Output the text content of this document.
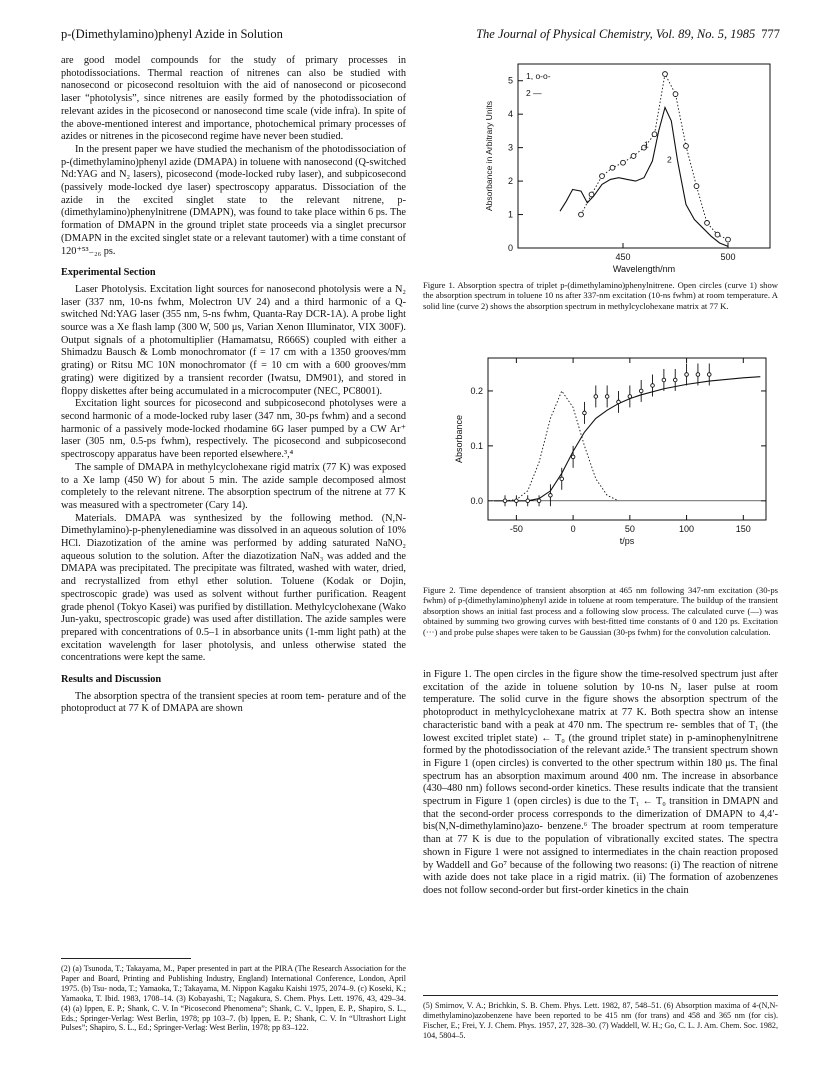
p-(Dimethylamino)phenyl Azide in Solution	The Journal of Physical Chemistry, Vol. 89, No. 5, 1985 777

are good model compounds for the study of primary processes in photodissociations. Thermal reaction of nitrenes can also be studied with nanosecond or picosecond resoltuion with the aid of nanosecond or picosecond laser “photolysis”, since nitrenes are easily formed by the photodissociation of relevant azides in the picosecond or nanosecond time scale (vide infra). In spite of the above-mentioned interest and importance, photochemical primary processes of azides or nitrenes in the picosecond regime have never been studied.

In the present paper we have studied the mechanism of the photodissociation of p-(dimethylamino)phenyl azide (DMAPA) in toluene with nanosecond (Q-switched Nd:YAG and N₂ lasers), picosecond (mode-locked ruby laser), and subpicosecond (passively mode-locked dye laser) spectroscopy apparatus. Dissociation of the azide in the excited singlet state to the relevant nitrene, p- (dimethylamino)phenylnitrene (DMAPN), was found to take place within 6 ps. The formation of DMAPN in the ground triplet state proceeds via a singlet precursor (DMAPN in the excited singlet state or a relevant tautomer) with a time constant of 120⁺⁵³₋₂₆ ps.

Experimental Section

Laser Photolysis. Excitation light sources for nanosecond photolysis were a N₂ laser (337 nm, 10-ns fwhm, Molectron UV 24) and a third harmonic of a Q-switched Nd:YAG laser (355 nm, 5-ns fwhm, Quanta-Ray DCR-1A). A probe light source was a Xe flash lamp (300 W, 500 μs, Varian Xenon Illuminator, VIX 300F). Output signals of a photomultiplier (Hamamatsu, R666S) coupled with either a Shimadzu Bausch & Lomb monochromator (f = 17 cm with a 1350 grooves/mm grating) or Ritsu MC 10N monochromator (f = 10 cm with a 600 grooves/mm grating) were digitized by a transient recorder (Iwatsu, DM901), and stored in floppy diskettes after being accumulated in a microcomputer (NEC, PC8001).

Excitation light sources for picosecond and subpicosecond photolyses were a second harmonic of a mode-locked ruby laser (347 nm, 30-ps fwhm) and a second harmonic of a passively mode-locked rhodamine 6G laser pumped by a CW Ar⁺ laser (305 nm, 0.5-ps fwhm), respectively. The picosecond and subpicosecond spectroscopy apparatus have been reported elsewhere.³,⁴

The sample of DMAPA in methylcyclohexane rigid matrix (77 K) was exposed to a Xe lamp (450 W) for about 5 min. The azide sample decomposed almost completely to the relevant nitrene. The absorption spectrum of the nitrene at 77 K was measured with a spectrometer (Cary 14).

Materials. DMAPA was synthesized by the following method. (N,N-Dimethylamino)-p-phenylenediamine was dissolved in an aqueous solution of 10% HCl. Diazotization of the amine was performed by adding saturated NaNO₂ aqueous solution to the solution. After the diazotization NaN₃ was added and the DMAPA was precipitated. The precipitate was filtrated, washed with water, dried, and recrystallized from ethyl ether solution. Toluene (Kodak or Dojin, spectroscopic grade) was used as solvent without further purification. Reagent grade phenol (Tokyo Kasei) was purified by distillation. Methylcyclohexane (Wako Jun-yaku, spectroscopic grade) was used after distillation. The azide samples were prepared with concentrations of 0.5–1 in absorbance units (1-mm light path) at the excitation wavelength for laser photolysis, and unless otherwise stated the concentrations were kept the same.

Results and Discussion

The absorption spectra of the transient species at room tem- perature and of the photoproduct at 77 K of DMAPA are shown

(2) (a) Tsunoda, T.; Takayama, M., Paper presented in part at the PIRA (The Research Association for the Paper and Board, Printing and Publishing Industry, England) International Conference, London, April 1975. (b) Tsu- noda, T.; Yamaoka, T.; Takayama, M. Nippon Kagaku Kaishi 1975, 2074–9. (c) Koseki, K.; Yamaoka, T. Ibid. 1983, 1708–14. (3) Kobayashi, T.; Nagakura, S. Chem. Phys. Lett. 1976, 43, 429–34. (4) (a) Ippen, E. P.; Shank, C. V. In “Picosecond Phenomena”; Shank, C. V., Ippen, E. P., Shapiro, S. L., Eds.; Springer-Verlag: West Berlin, 1978; pp 103–7. (b) Ippen, E. P.; Shank, C. V. In “Ultrashort Light Pulses”; Shapiro, S. L., Ed.; Springer-Verlag: West Berlin, 1978; pp 83–122.

0
1
2
3
4
5
450	500
Wavelength/nm
Absorbance in Arbitrary Units
1, o-o-
2 —
1
2

Figure 1. Absorption spectra of triplet p-(dimethylamino)phenylnitrene. Open circles (curve 1) show the absorption spectrum in toluene 10 ns after 337-nm excitation (10-ns fwhm) at room temperature. A solid line (curve 2) shows the absorption spectrum in methylcyclohexane matrix at 77 K.

0.0
0.1
0.2
-50	0	50	100	150
t/ps
Absorbance

Figure 2. Time dependence of transient absorption at 465 nm following 347-nm excitation (30-ps fwhm) of p-(dimethylamino)phenyl azide in toluene at room temperature. The buildup of the transient absorption shows an initial fast process and a following slow process. The calculated curve (—) was obtained by summing two growing curves with best-fitted time constants of 0 and 120 ps. Excitation (···) and probe pulse shapes were taken to be Gaussian (30-ps fwhm) for the convolution calculation.

in Figure 1. The open circles in the figure show the time-resolved spectrum just after excitation of the azide in toluene solution by 10-ns N₂ laser pulse at room temperature. The solid curve in the figure shows the absorption spectrum of the photoproduct in methylcyclohexane matrix at 77 K. Both spectra show an intense characteristic band with a peak at 470 nm. The spectrum re- sembles that of T₁ (the lowest excited triplet state) ← T₀ (the ground triplet state) in p-aminophenylnitrene formed by the photodissociation of the relevant azide.⁵ The transient spectrum shown in Figure 1 (open circles) is converted to the other spectrum within 180 μs. The final spectrum has an absorption maximum around 400 nm. The increase in absorbance (430–480 nm) follows second-order kinetics. These results indicate that the transient spectrum in Figure 1 (open circles) is due to the T₁ ← T₀ transition in DMAPN and that the second-order process corresponds to the dimerization of DMAPN to 4,4′-bis(N,N-dimethylamino)azo- benzene.⁶ The broader spectrum at room temperature than at 77 K is due to the population of vibrationally excited states. The spectra shown in Figure 1 were not assigned to intermediates in the chain reaction proposed by Waddell and Go⁷ because of the following two reasons: (i) The reaction of nitrene with azide does not take place in a rigid matrix. (ii) The formation of azobenzenes does not follow second-order but first-order kinetics in the chain

(5) Smirnov, V. A.; Brichkin, S. B. Chem. Phys. Lett. 1982, 87, 548–51. (6) Absorption maxima of 4-(N,N-dimethylamino)azobenzene have been reported to be 415 nm (for trans) and 458 and 365 nm (for cis). Fischer, E.; Frei, Y. J. Chem. Phys. 1957, 27, 328–30. (7) Waddell, W. H.; Go, C. L. J. Am. Chem. Soc. 1982, 104, 5804–5.
